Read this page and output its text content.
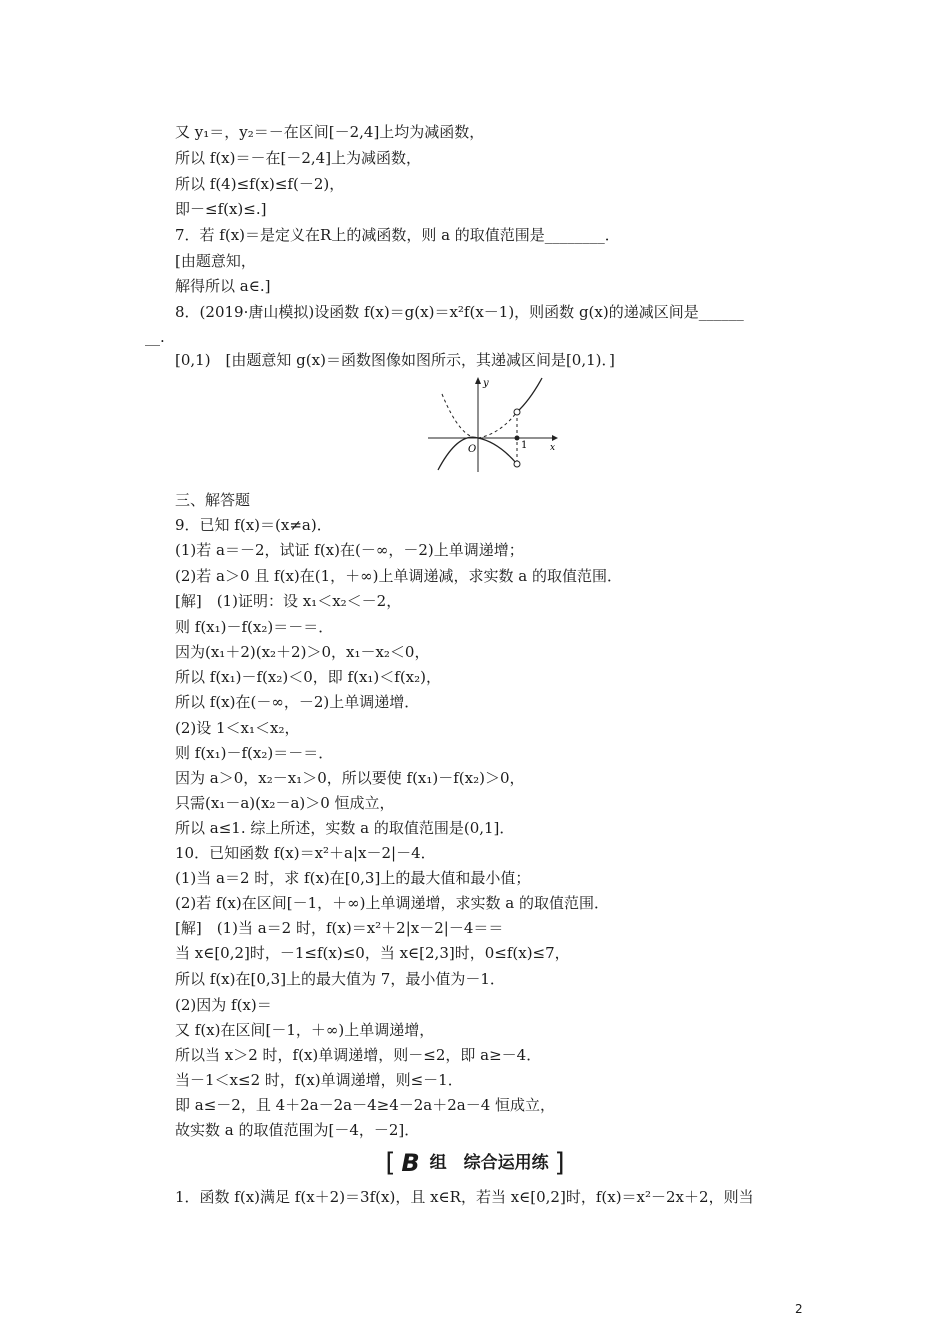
又 y₁＝，y₂＝－在区间[－2,4]上均为减函数，
所以 f(x)＝－在[－2,4]上为减函数，
所以 f(4)≤f(x)≤f(－2)，
即－≤f(x)≤.]
7．若 f(x)＝是定义在R上的减函数，则 a 的取值范围是________．
[由题意知，
解得所以 a∈.]
8．(2019·唐山模拟)设函数 f(x)＝g(x)＝x²f(x－1)，则函数 g(x)的递减区间是______
__.
[0,1)　[由题意知 g(x)＝函数图像如图所示，其递减区间是[0,1)．]
y
x
O	1
三、解答题
9．已知 f(x)＝(x≠a)．
(1)若 a＝－2，试证 f(x)在(－∞，－2)上单调递增；
(2)若 a＞0 且 f(x)在(1，＋∞)上单调递减，求实数 a 的取值范围．
[解]　(1)证明：设 x₁＜x₂＜－2，
则 f(x₁)－f(x₂)＝－＝．
因为(x₁＋2)(x₂＋2)＞0，x₁－x₂＜0，
所以 f(x₁)－f(x₂)＜0，即 f(x₁)＜f(x₂)，
所以 f(x)在(－∞，－2)上单调递增．
(2)设 1＜x₁＜x₂，
则 f(x₁)－f(x₂)＝－＝．
因为 a＞0，x₂－x₁＞0，所以要使 f(x₁)－f(x₂)＞0，
只需(x₁－a)(x₂－a)＞0 恒成立，
所以 a≤1. 综上所述，实数 a 的取值范围是(0,1]．
10．已知函数 f(x)＝x²＋a|x－2|－4．
(1)当 a＝2 时，求 f(x)在[0,3]上的最大值和最小值；
(2)若 f(x)在区间[－1，＋∞)上单调递增，求实数 a 的取值范围．
[解]　(1)当 a＝2 时，f(x)＝x²＋2|x－2|－4＝＝
当 x∈[0,2]时，－1≤f(x)≤0，当 x∈[2,3]时，0≤f(x)≤7，
所以 f(x)在[0,3]上的最大值为 7，最小值为－1．
(2)因为 f(x)＝
又 f(x)在区间[－1，＋∞)上单调递增，
所以当 x＞2 时，f(x)单调递增，则－≤2，即 a≥－4．
当－1＜x≤2 时，f(x)单调递增，则≤－1．
即 a≤－2，且 4＋2a－2a－4≥4－2a＋2a－4 恒成立，
故实数 a 的取值范围为[－4，－2]．
[ B 组　综合运用练 ]
1．函数 f(x)满足 f(x＋2)＝3f(x)，且 x∈R，若当 x∈[0,2]时，f(x)＝x²－2x＋2，则当
2
